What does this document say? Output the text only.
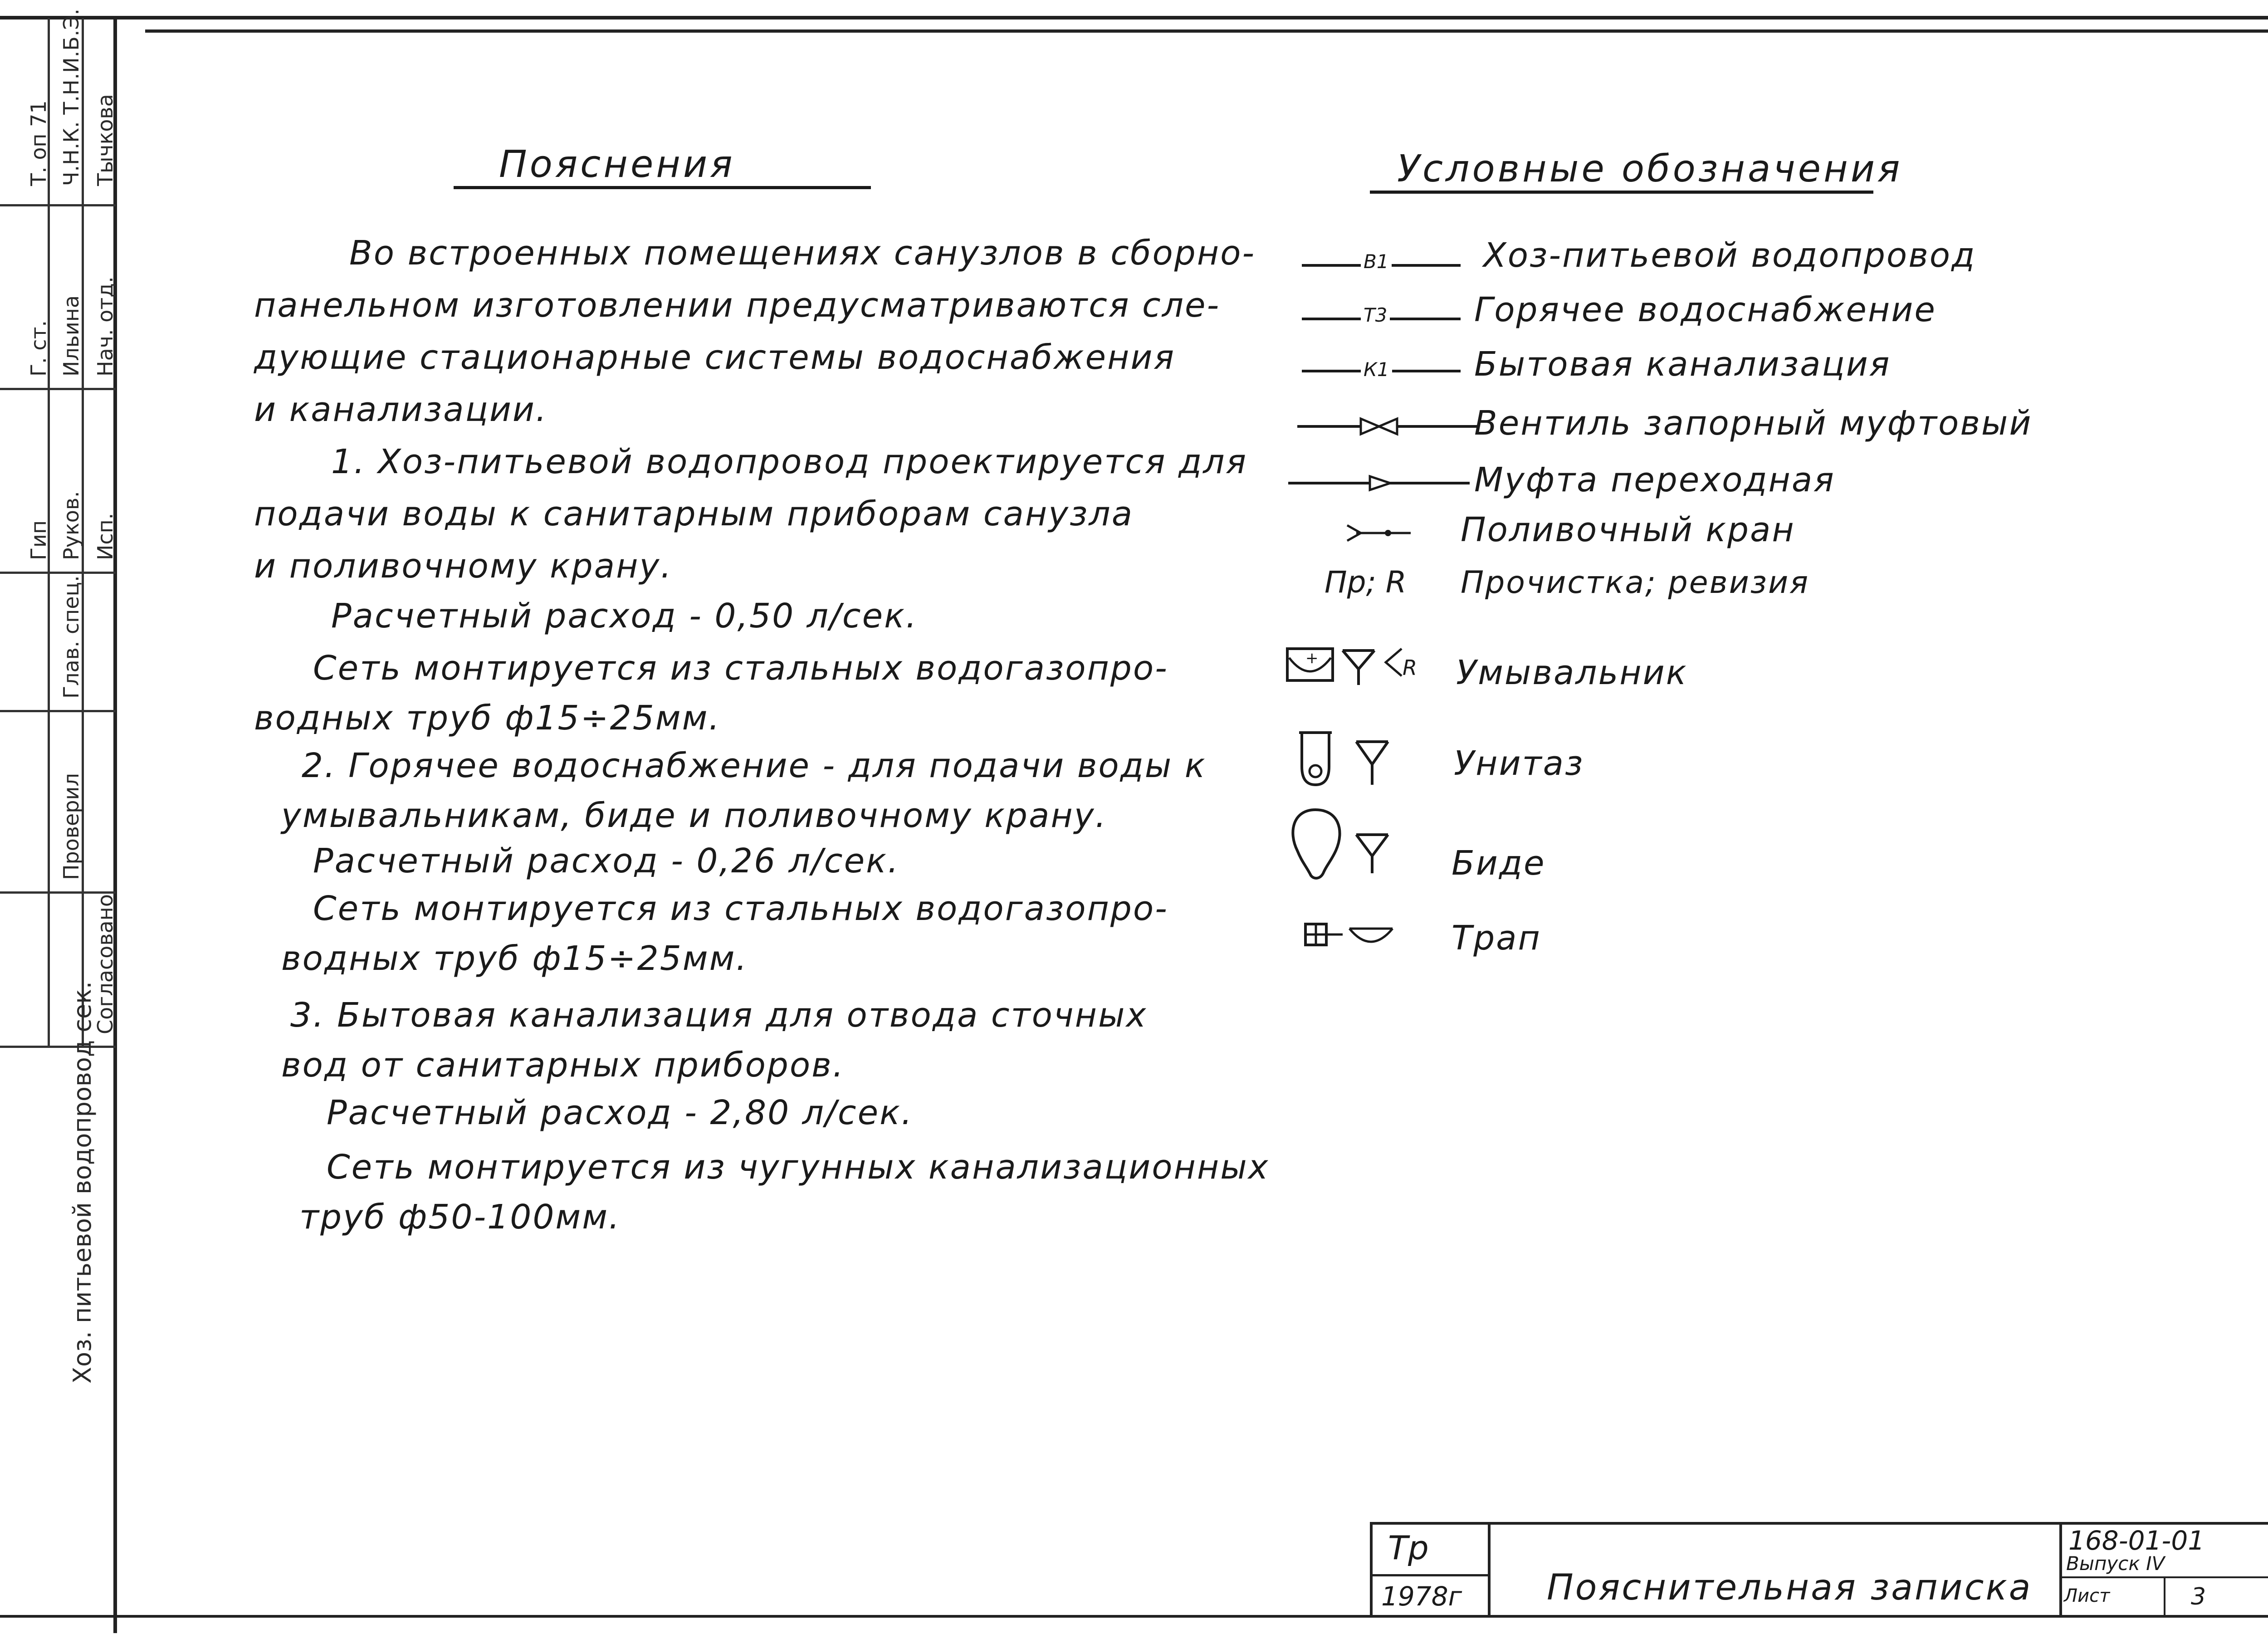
Т. оп 71 Ч.Н.К. Т.Н.И.Б.Э. Тычкова
Г. ст. Ильина Нач. отд.
Гип Руков. Исп.
Глав. спец.
Проверил
Согласовано
Хоз. питьевой водопровод сек.
Пояснения
Во встроенных помещениях санузлов в сборно-
панельном изготовлении предусматриваются сле-
дующие стационарные системы водоснабжения
и канализации.
1. Хоз-питьевой водопровод проектируется для
подачи воды к санитарным приборам санузла
и поливочному крану.
Расчетный расход - 0,50 л/сек.
Сеть монтируется из стальных водогазопро-
водных труб ф15÷25мм.
2. Горячее водоснабжение - для подачи воды к
умывальникам, биде и поливочному крану.
Расчетный расход - 0,26 л/сек.
Сеть монтируется из стальных водогазопро-
водных труб ф15÷25мм.
3. Бытовая канализация для отвода сточных
вод от санитарных приборов.
Расчетный расход - 2,80 л/сек.
Сеть монтируется из чугунных канализационных
труб ф50-100мм.
Условные обозначения
В1	Хоз-питьевой водопровод
Т3	Горячее водоснабжение
К1	Бытовая канализация
Вентиль запорный муфтовый
Муфта переходная
Поливочный кран
Пр; R Прочистка; ревизия
+	R Умывальник
Унитаз
Биде
Трап
Тр
1978г Пояснительная записка
168-01-01
Выпуск IV
Лист	3
